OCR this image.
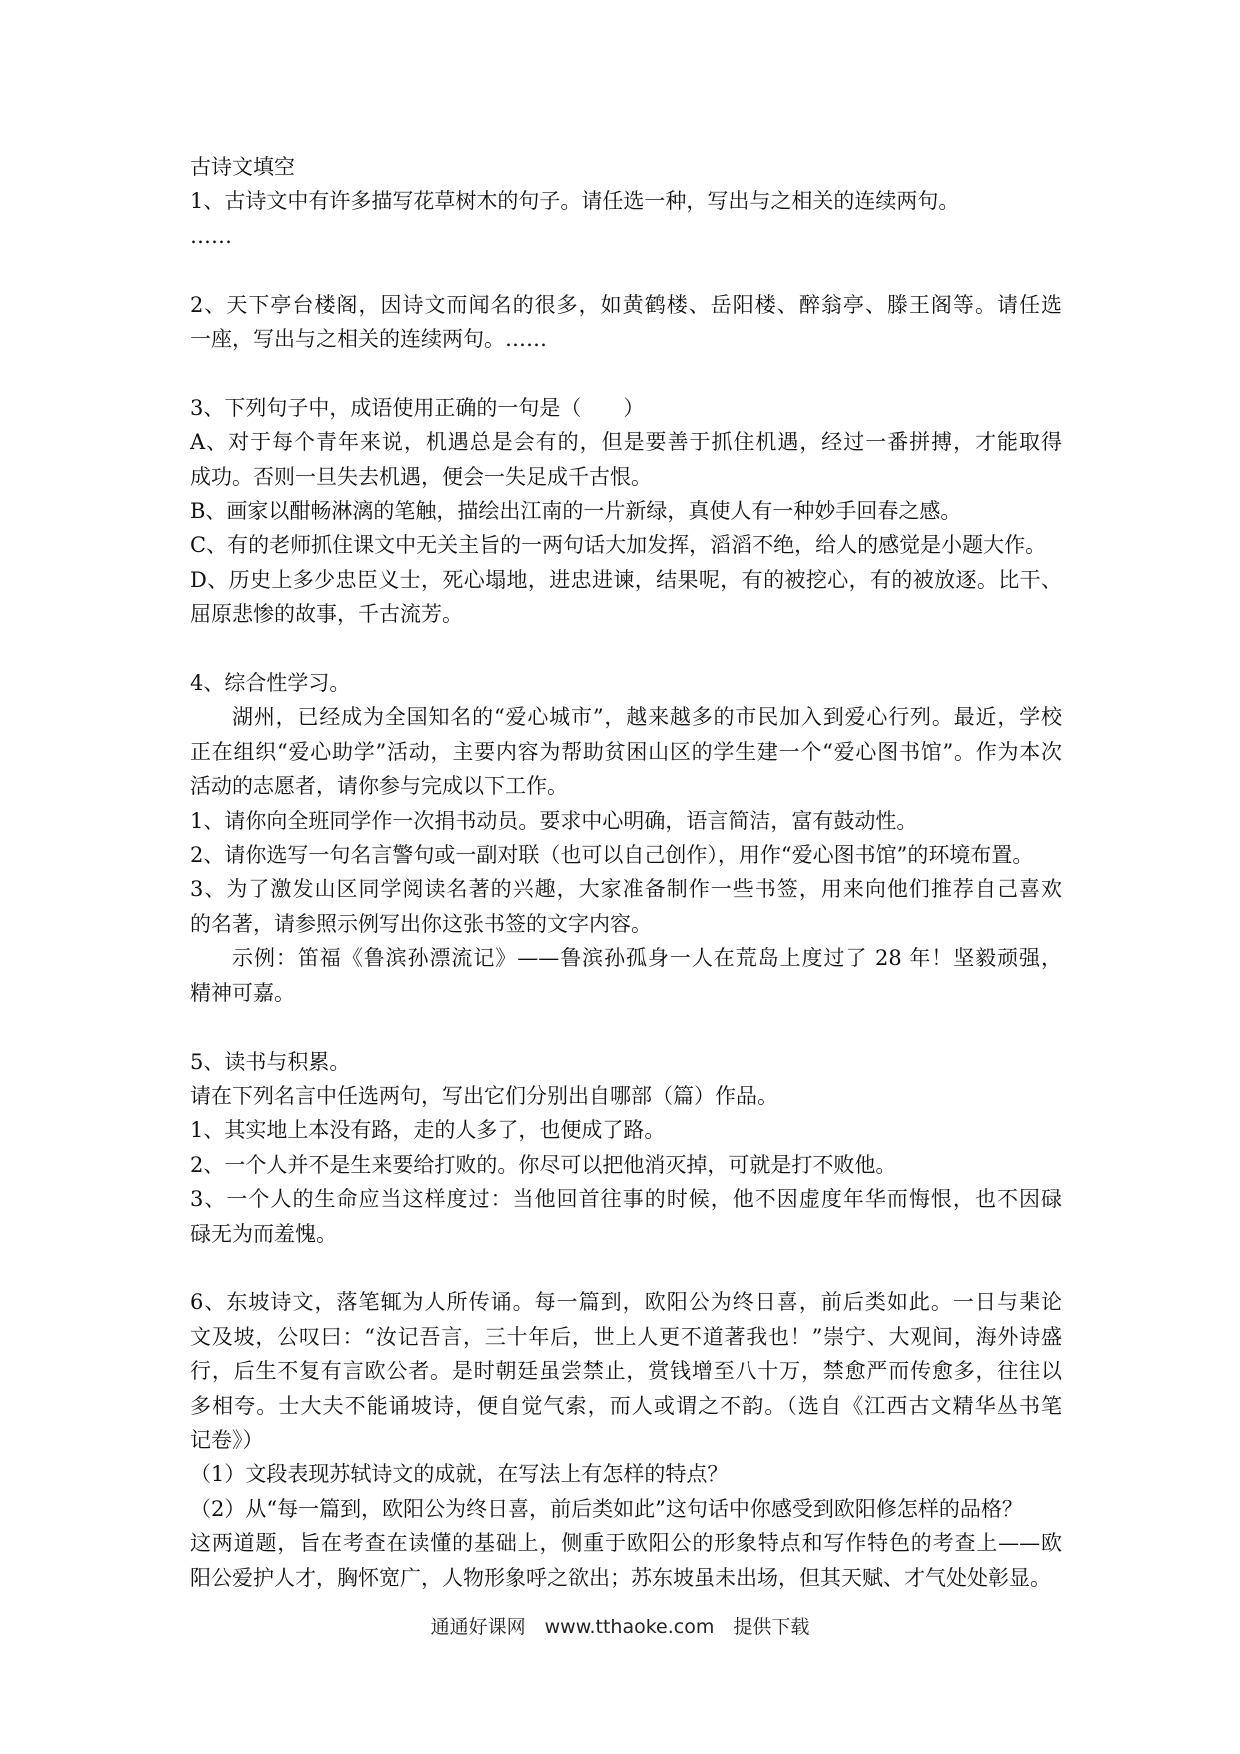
古诗文填空
1、古诗文中有许多描写花草树木的句子。请任选一种，写出与之相关的连续两句。
……
2、天下亭台楼阁，因诗文而闻名的很多，如黄鹤楼、岳阳楼、醉翁亭、滕王阁等。请任选
一座，写出与之相关的连续两句。……
3、下列句子中，成语使用正确的一句是（　　）
A、对于每个青年来说，机遇总是会有的，但是要善于抓住机遇，经过一番拼搏，才能取得
成功。否则一旦失去机遇，便会一失足成千古恨。
B、画家以酣畅淋漓的笔触，描绘出江南的一片新绿，真使人有一种妙手回春之感。
C、有的老师抓住课文中无关主旨的一两句话大加发挥，滔滔不绝，给人的感觉是小题大作。
D、历史上多少忠臣义士，死心塌地，进忠进谏，结果呢，有的被挖心，有的被放逐。比干、
屈原悲惨的故事，千古流芳。
4、综合性学习。
湖州，已经成为全国知名的“爱心城市”，越来越多的市民加入到爱心行列。最近，学校
正在组织“爱心助学”活动，主要内容为帮助贫困山区的学生建一个“爱心图书馆”。作为本次
活动的志愿者，请你参与完成以下工作。
1、请你向全班同学作一次捐书动员。要求中心明确，语言简洁，富有鼓动性。
2、请你选写一句名言警句或一副对联（也可以自己创作），用作“爱心图书馆”的环境布置。
3、为了激发山区同学阅读名著的兴趣，大家准备制作一些书签，用来向他们推荐自己喜欢
的名著，请参照示例写出你这张书签的文字内容。
示例：笛福《鲁滨孙漂流记》——鲁滨孙孤身一人在荒岛上度过了 28 年！坚毅顽强，
精神可嘉。
5、读书与积累。
请在下列名言中任选两句，写出它们分别出自哪部（篇）作品。
1、其实地上本没有路，走的人多了，也便成了路。
2、一个人并不是生来要给打败的。你尽可以把他消灭掉，可就是打不败他。
3、一个人的生命应当这样度过：当他回首往事的时候，他不因虚度年华而悔恨，也不因碌
碌无为而羞愧。
6、东坡诗文，落笔辄为人所传诵。每一篇到，欧阳公为终日喜，前后类如此。一日与棐论
文及坡，公叹曰：“汝记吾言，三十年后，世上人更不道著我也！”崇宁、大观间，海外诗盛
行，后生不复有言欧公者。是时朝廷虽尝禁止，赏钱增至八十万，禁愈严而传愈多，往往以
多相夸。士大夫不能诵坡诗，便自觉气索，而人或谓之不韵。（选自《江西古文精华丛书笔
记卷》）
（1）文段表现苏轼诗文的成就，在写法上有怎样的特点？
（2）从“每一篇到，欧阳公为终日喜，前后类如此”这句话中你感受到欧阳修怎样的品格？
这两道题，旨在考查在读懂的基础上，侧重于欧阳公的形象特点和写作特色的考查上——欧
阳公爱护人才，胸怀宽广，人物形象呼之欲出；苏东坡虽未出场，但其天赋、才气处处彰显。
通通好课网　www.tthaoke.com　提供下载
